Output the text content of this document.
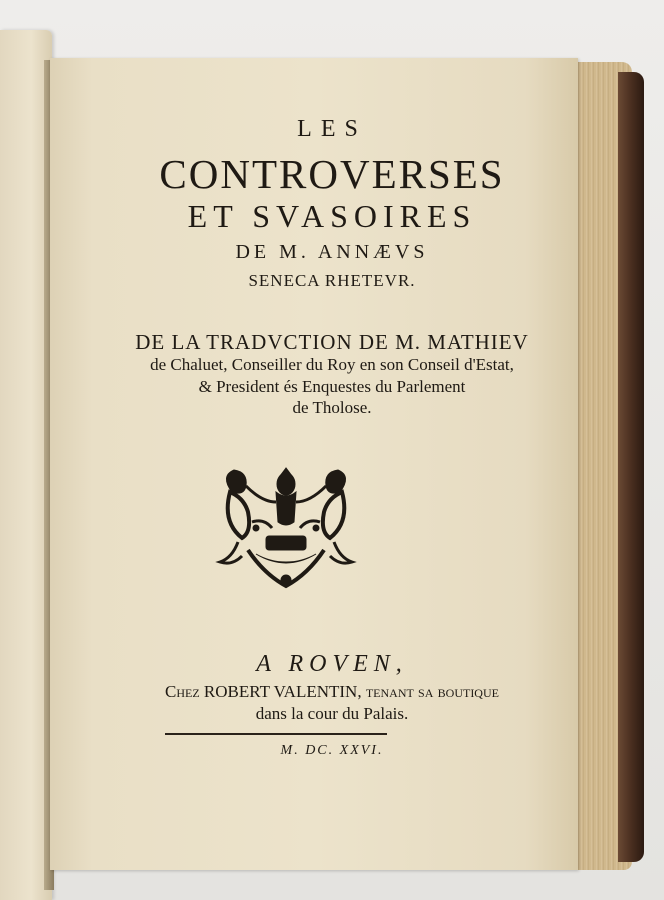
LES
CONTROVERSES
ET SVASOIRES
DE M. ANNÆVS
SENECA RHETEVR.
DE LA TRADVCTION DE M. MATHIEV
de Chaluet, Conseiller du Roy en son Conseil d'Estat,
& President és Enquestes du Parlement
de Tholose.
A ROVEN,
Chez ROBERT VALENTIN, tenant sa boutique
dans la cour du Palais.
M. DC. XXVI.
